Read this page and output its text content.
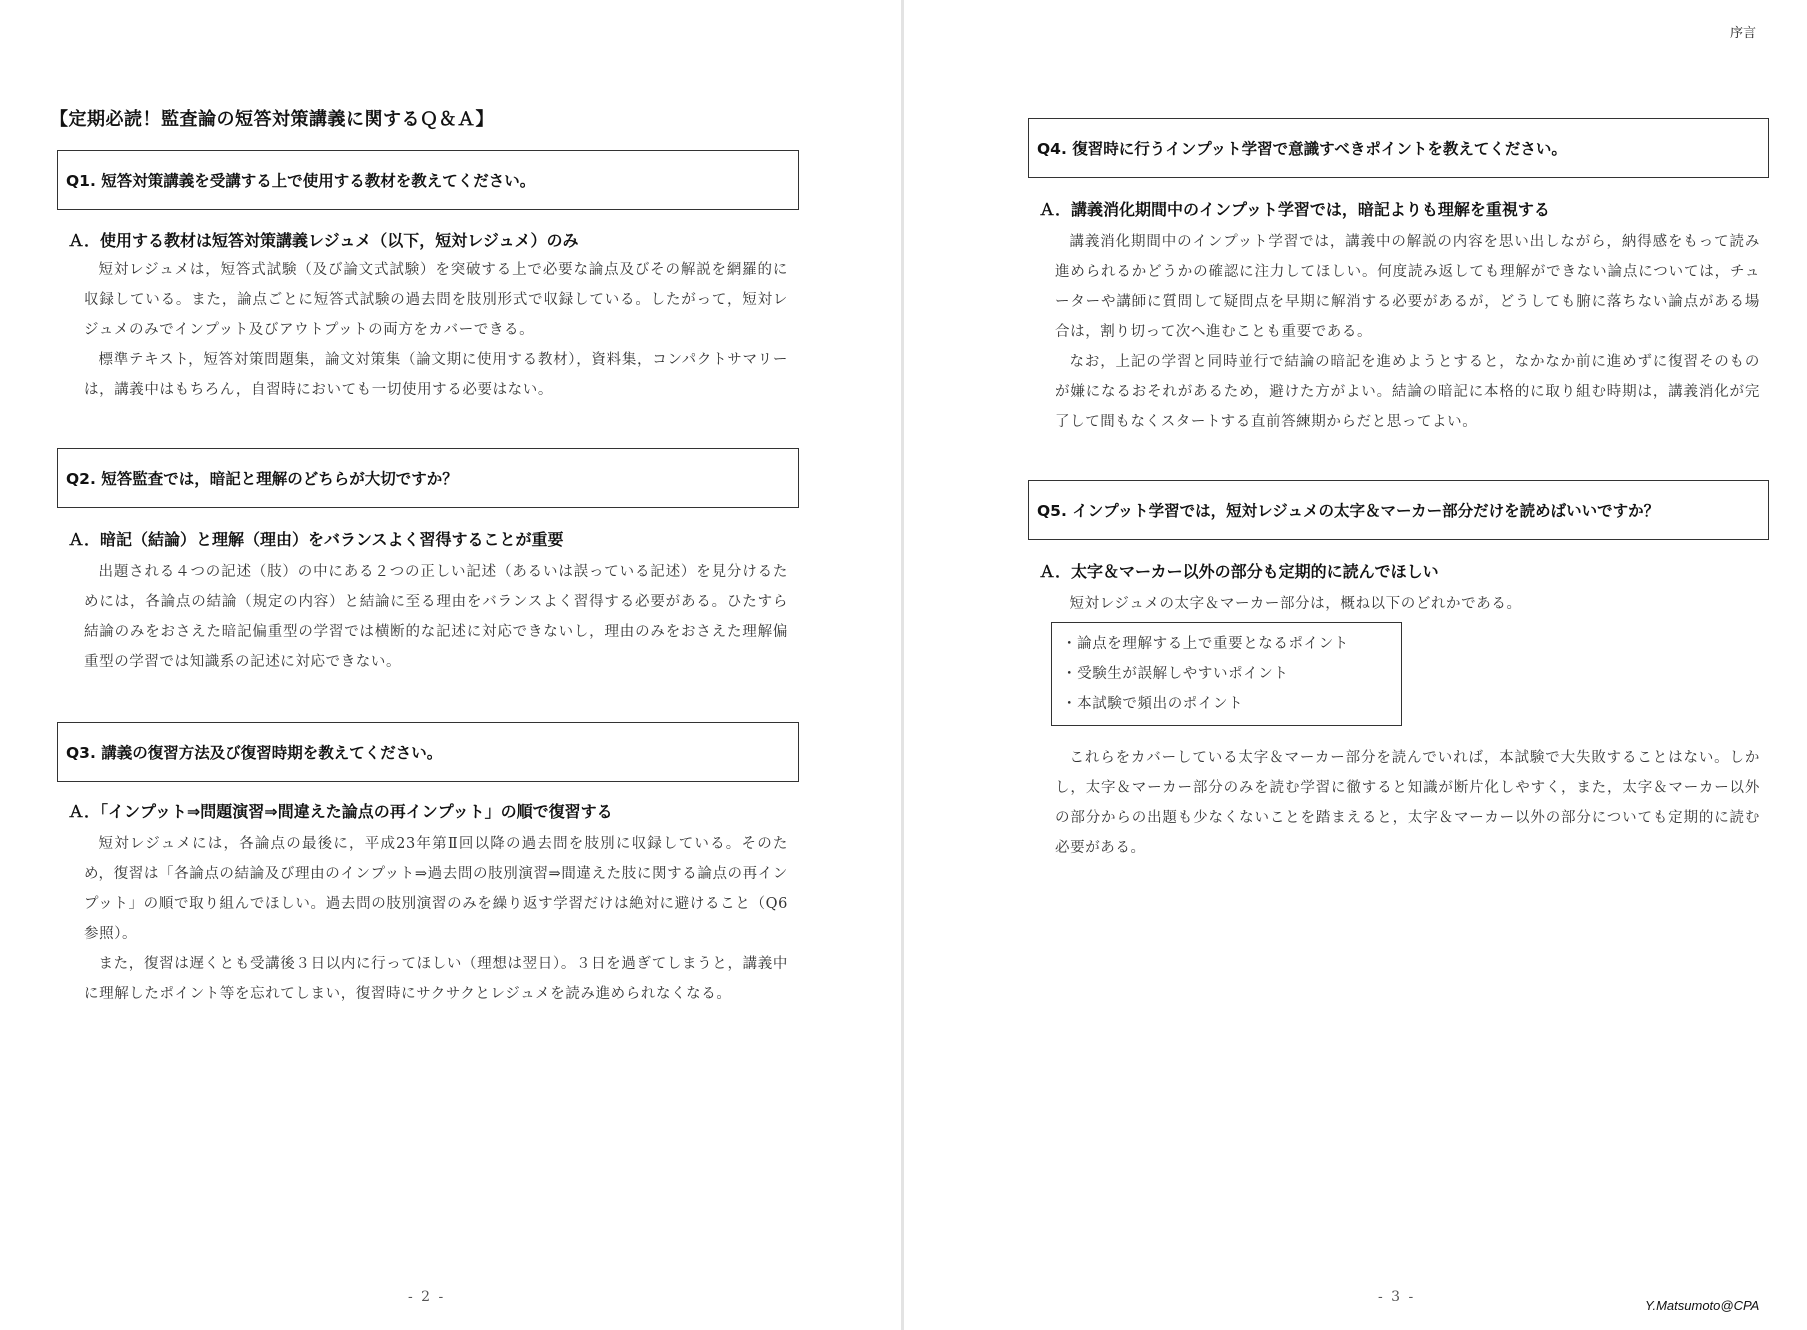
【定期必読！監査論の短答対策講義に関するＱ＆Ａ】
Q1. 短答対策講義を受講する上で使用する教材を教えてください。
Ａ．使用する教材は短答対策講義レジュメ（以下，短対レジュメ）のみ

短対レジュメは，短答式試験（及び論文式試験）を突破する上で必要な論点及びその解説を網羅的に収録している。また，論点ごとに短答式試験の過去問を肢別形式で収録している。したがって，短対レジュメのみでインプット及びアウトプットの両方をカバーできる。

標準テキスト，短答対策問題集，論文対策集（論文期に使用する教材），資料集，コンパクトサマリーは，講義中はもちろん，自習時においても一切使用する必要はない。

Q2. 短答監査では，暗記と理解のどちらが大切ですか？
Ａ．暗記（結論）と理解（理由）をバランスよく習得することが重要

出題される４つの記述（肢）の中にある２つの正しい記述（あるいは誤っている記述）を見分けるためには，各論点の結論（規定の内容）と結論に至る理由をバランスよく習得する必要がある。ひたすら結論のみをおさえた暗記偏重型の学習では横断的な記述に対応できないし，理由のみをおさえた理解偏重型の学習では知識系の記述に対応できない。

Q3. 講義の復習方法及び復習時期を教えてください。
Ａ．「インプット⇒問題演習⇒間違えた論点の再インプット」の順で復習する

短対レジュメには，各論点の最後に，平成23年第Ⅱ回以降の過去問を肢別に収録している。そのため，復習は「各論点の結論及び理由のインプット⇒過去問の肢別演習⇒間違えた肢に関する論点の再インプット」の順で取り組んでほしい。過去問の肢別演習のみを繰り返す学習だけは絶対に避けること（Q6参照）。

また，復習は遅くとも受講後３日以内に行ってほしい（理想は翌日）。３日を過ぎてしまうと，講義中に理解したポイント等を忘れてしまい，復習時にサクサクとレジュメを読み進められなくなる。

- 2 -
序言
Q4. 復習時に行うインプット学習で意識すべきポイントを教えてください。
Ａ．講義消化期間中のインプット学習では，暗記よりも理解を重視する

講義消化期間中のインプット学習では，講義中の解説の内容を思い出しながら，納得感をもって読み進められるかどうかの確認に注力してほしい。何度読み返しても理解ができない論点については，チューターや講師に質問して疑問点を早期に解消する必要があるが，どうしても腑に落ちない論点がある場合は，割り切って次へ進むことも重要である。

なお，上記の学習と同時並行で結論の暗記を進めようとすると，なかなか前に進めずに復習そのものが嫌になるおそれがあるため，避けた方がよい。結論の暗記に本格的に取り組む時期は，講義消化が完了して間もなくスタートする直前答練期からだと思ってよい。

Q5. インプット学習では，短対レジュメの太字＆マーカー部分だけを読めばいいですか？
Ａ．太字＆マーカー以外の部分も定期的に読んでほしい

短対レジュメの太字＆マーカー部分は，概ね以下のどれかである。

・論点を理解する上で重要となるポイント
・受験生が誤解しやすいポイント
・本試験で頻出のポイント

これらをカバーしている太字＆マーカー部分を読んでいれば，本試験で大失敗することはない。しかし，太字＆マーカー部分のみを読む学習に徹すると知識が断片化しやすく，また，太字＆マーカー以外の部分からの出題も少なくないことを踏まえると，太字＆マーカー以外の部分についても定期的に読む必要がある。

- 3 -
Y.Matsumoto@CPA
